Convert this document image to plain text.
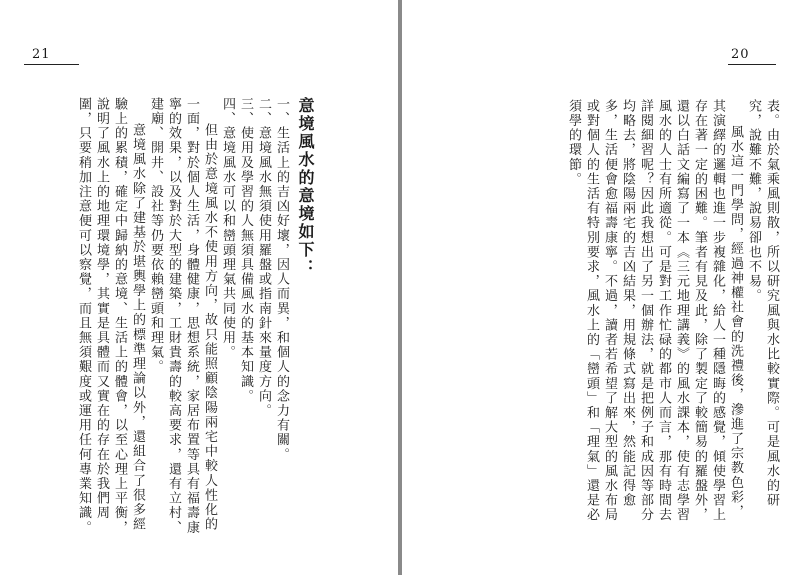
21

意境風水的意境如下：

一、生活上的吉凶好壞，因人而異，和個人的念力有關。

二、意境風水無須使用羅盤或指南針來量度方向。

三、使用及學習的人無須具備風水的基本知識。

四、意境風水可以和巒頭理氣共同使用。

但由於意境風水不使用方向，故只能照顧陰陽兩宅中較人性化的一面，對於個人生活，身體健康，思想系統，家居布置等具有福壽康寧的效果，以及對於大型的建築，工財貴壽的較高要求，還有立村、建廟、開井、設社等仍要依賴巒頭和理氣。

意境風水除了建基於堪輿學上的標準理論以外，還組合了很多經驗上的累積，確定中歸納的意境、生活上的體會，以至心理上平衡，說明了風水上的地理環境學，其實是具體而又實在的存在於我們周圍，只要稍加注意便可以察覺，而且無須艱度或運用任何專業知識。

20

表。由於氣乘風則散，所以研究風與水比較實際。可是風水的研究，說難不難，說易卻也不易。

風水這一門學問，經過神權社會的洗禮後，滲進了宗教色彩，其演繹的邏輯也進一步複雜化，給人一種隱晦的感覺，傾使學習上存在著一定的困難。筆者有見及此，除了製定了較簡易的羅盤外，還以白話文編寫了一本《三元地理講義》的風水課本，使有志學習風水的人士有所適從。可是對工作忙碌的都市人而言，那有時間去詳閱細習呢？因此我想出了另一個辦法，就是把例子和成因等部分均略去，將陰陽兩宅的吉凶結果，用規條式寫出來，然能記得愈多，生活便會愈福壽康寧。不過，讀者若希望了解大型的風水布局或對個人的生活有特別要求，風水上的「巒頭」和「理氣」還是必須學的環節。
